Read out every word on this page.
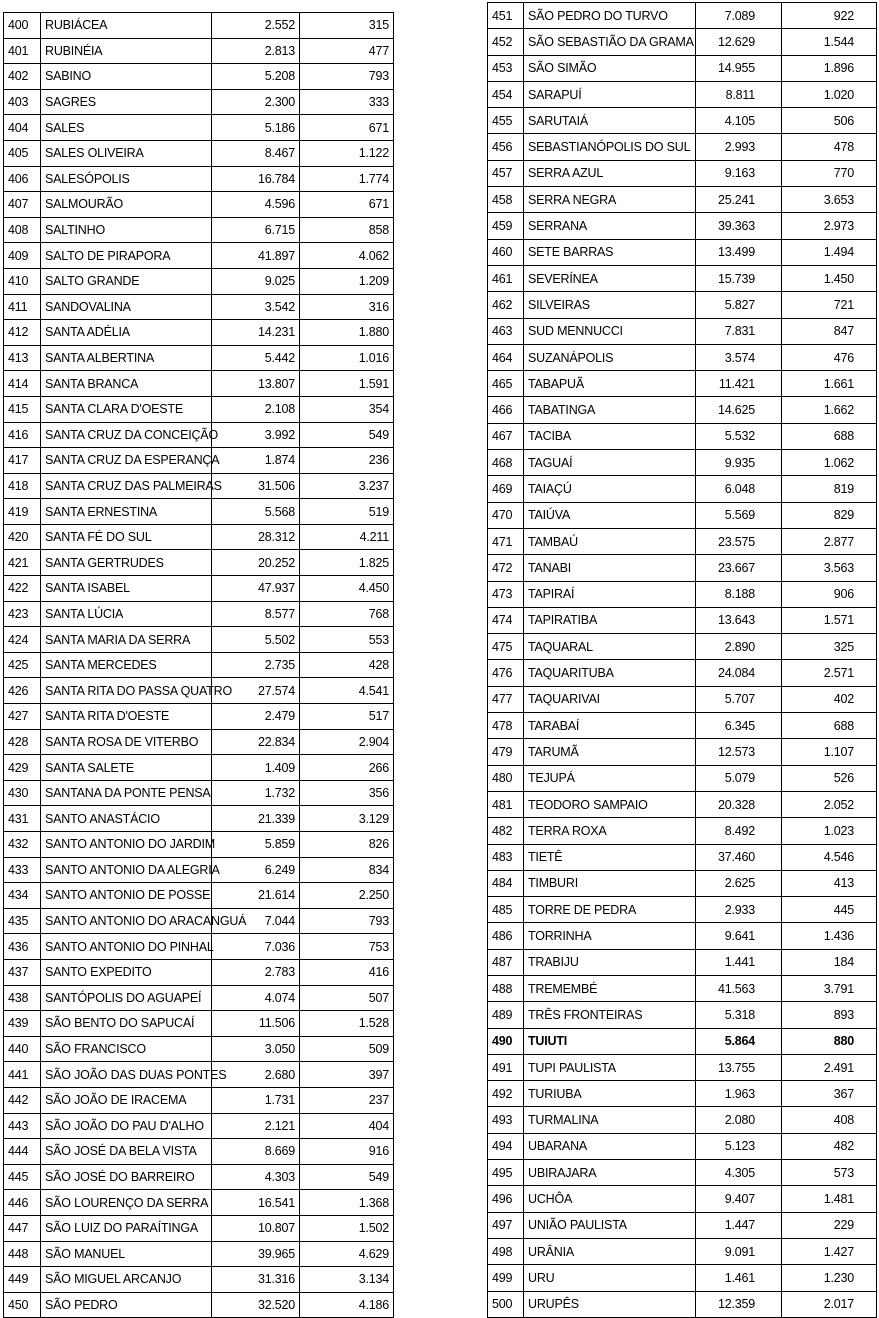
400	RUBIÁCEA	2.552	315
401	RUBINÉIA	2.813	477
402	SABINO	5.208	793
403	SAGRES	2.300	333
404	SALES	5.186	671
405	SALES OLIVEIRA	8.467	1.122
406	SALESÓPOLIS	16.784	1.774
407	SALMOURÃO	4.596	671
408	SALTINHO	6.715	858
409	SALTO DE PIRAPORA	41.897	4.062
410	SALTO GRANDE	9.025	1.209
411	SANDOVALINA	3.542	316
412	SANTA ADÉLIA	14.231	1.880
413	SANTA ALBERTINA	5.442	1.016
414	SANTA BRANCA	13.807	1.591
415	SANTA CLARA D'OESTE	2.108	354
416	SANTA CRUZ DA CONCEIÇÃO	3.992	549
417	SANTA CRUZ DA ESPERANÇA	1.874	236
418	SANTA CRUZ DAS PALMEIRAS	31.506	3.237
419	SANTA ERNESTINA	5.568	519
420	SANTA FÉ DO SUL	28.312	4.211
421	SANTA GERTRUDES	20.252	1.825
422	SANTA ISABEL	47.937	4.450
423	SANTA LÚCIA	8.577	768
424	SANTA MARIA DA SERRA	5.502	553
425	SANTA MERCEDES	2.735	428
426	SANTA RITA DO PASSA QUATRO	27.574	4.541
427	SANTA RITA D'OESTE	2.479	517
428	SANTA ROSA DE VITERBO	22.834	2.904
429	SANTA SALETE	1.409	266
430	SANTANA DA PONTE PENSA	1.732	356
431	SANTO ANASTÁCIO	21.339	3.129
432	SANTO ANTONIO DO JARDIM	5.859	826
433	SANTO ANTONIO DA ALEGRIA	6.249	834
434	SANTO ANTONIO DE POSSE	21.614	2.250
435	SANTO ANTONIO DO ARACANGUÁ	7.044	793
436	SANTO ANTONIO DO PINHAL	7.036	753
437	SANTO EXPEDITO	2.783	416
438	SANTÓPOLIS DO AGUAPEÍ	4.074	507
439	SÃO BENTO DO SAPUCAÍ	11.506	1.528
440	SÃO FRANCISCO	3.050	509
441	SÃO JOÃO DAS DUAS PONTES	2.680	397
442	SÃO JOÃO DE IRACEMA	1.731	237
443	SÃO JOÃO DO PAU D'ALHO	2.121	404
444	SÃO JOSÉ DA BELA VISTA	8.669	916
445	SÃO JOSÉ DO BARREIRO	4.303	549
446	SÃO LOURENÇO DA SERRA	16.541	1.368
447	SÃO LUIZ DO PARAÍTINGA	10.807	1.502
448	SÃO MANUEL	39.965	4.629
449	SÃO MIGUEL ARCANJO	31.316	3.134
450	SÃO PEDRO	32.520	4.186
451	SÃO PEDRO DO TURVO	7.089	922
452	SÃO SEBASTIÃO DA GRAMA	12.629	1.544
453	SÃO SIMÃO	14.955	1.896
454	SARAPUÍ	8.811	1.020
455	SARUTAIÁ	4.105	506
456	SEBASTIANÓPOLIS DO SUL	2.993	478
457	SERRA AZUL	9.163	770
458	SERRA NEGRA	25.241	3.653
459	SERRANA	39.363	2.973
460	SETE BARRAS	13.499	1.494
461	SEVERÍNEA	15.739	1.450
462	SILVEIRAS	5.827	721
463	SUD MENNUCCI	7.831	847
464	SUZANÁPOLIS	3.574	476
465	TABAPUÃ	11.421	1.661
466	TABATINGA	14.625	1.662
467	TACIBA	5.532	688
468	TAGUAÍ	9.935	1.062
469	TAIAÇÚ	6.048	819
470	TAIÚVA	5.569	829
471	TAMBAÚ	23.575	2.877
472	TANABI	23.667	3.563
473	TAPIRAÍ	8.188	906
474	TAPIRATIBA	13.643	1.571
475	TAQUARAL	2.890	325
476	TAQUARITUBA	24.084	2.571
477	TAQUARIVAI	5.707	402
478	TARABAÍ	6.345	688
479	TARUMÃ	12.573	1.107
480	TEJUPÁ	5.079	526
481	TEODORO SAMPAIO	20.328	2.052
482	TERRA ROXA	8.492	1.023
483	TIETÊ	37.460	4.546
484	TIMBURI	2.625	413
485	TORRE DE PEDRA	2.933	445
486	TORRINHA	9.641	1.436
487	TRABIJU	1.441	184
488	TREMEMBÉ	41.563	3.791
489	TRÊS FRONTEIRAS	5.318	893
490	TUIUTI	5.864	880
491	TUPI PAULISTA	13.755	2.491
492	TURIUBA	1.963	367
493	TURMALINA	2.080	408
494	UBARANA	5.123	482
495	UBIRAJARA	4.305	573
496	UCHÔA	9.407	1.481
497	UNIÃO PAULISTA	1.447	229
498	URÂNIA	9.091	1.427
499	URU	1.461	1.230
500	URUPÊS	12.359	2.017
